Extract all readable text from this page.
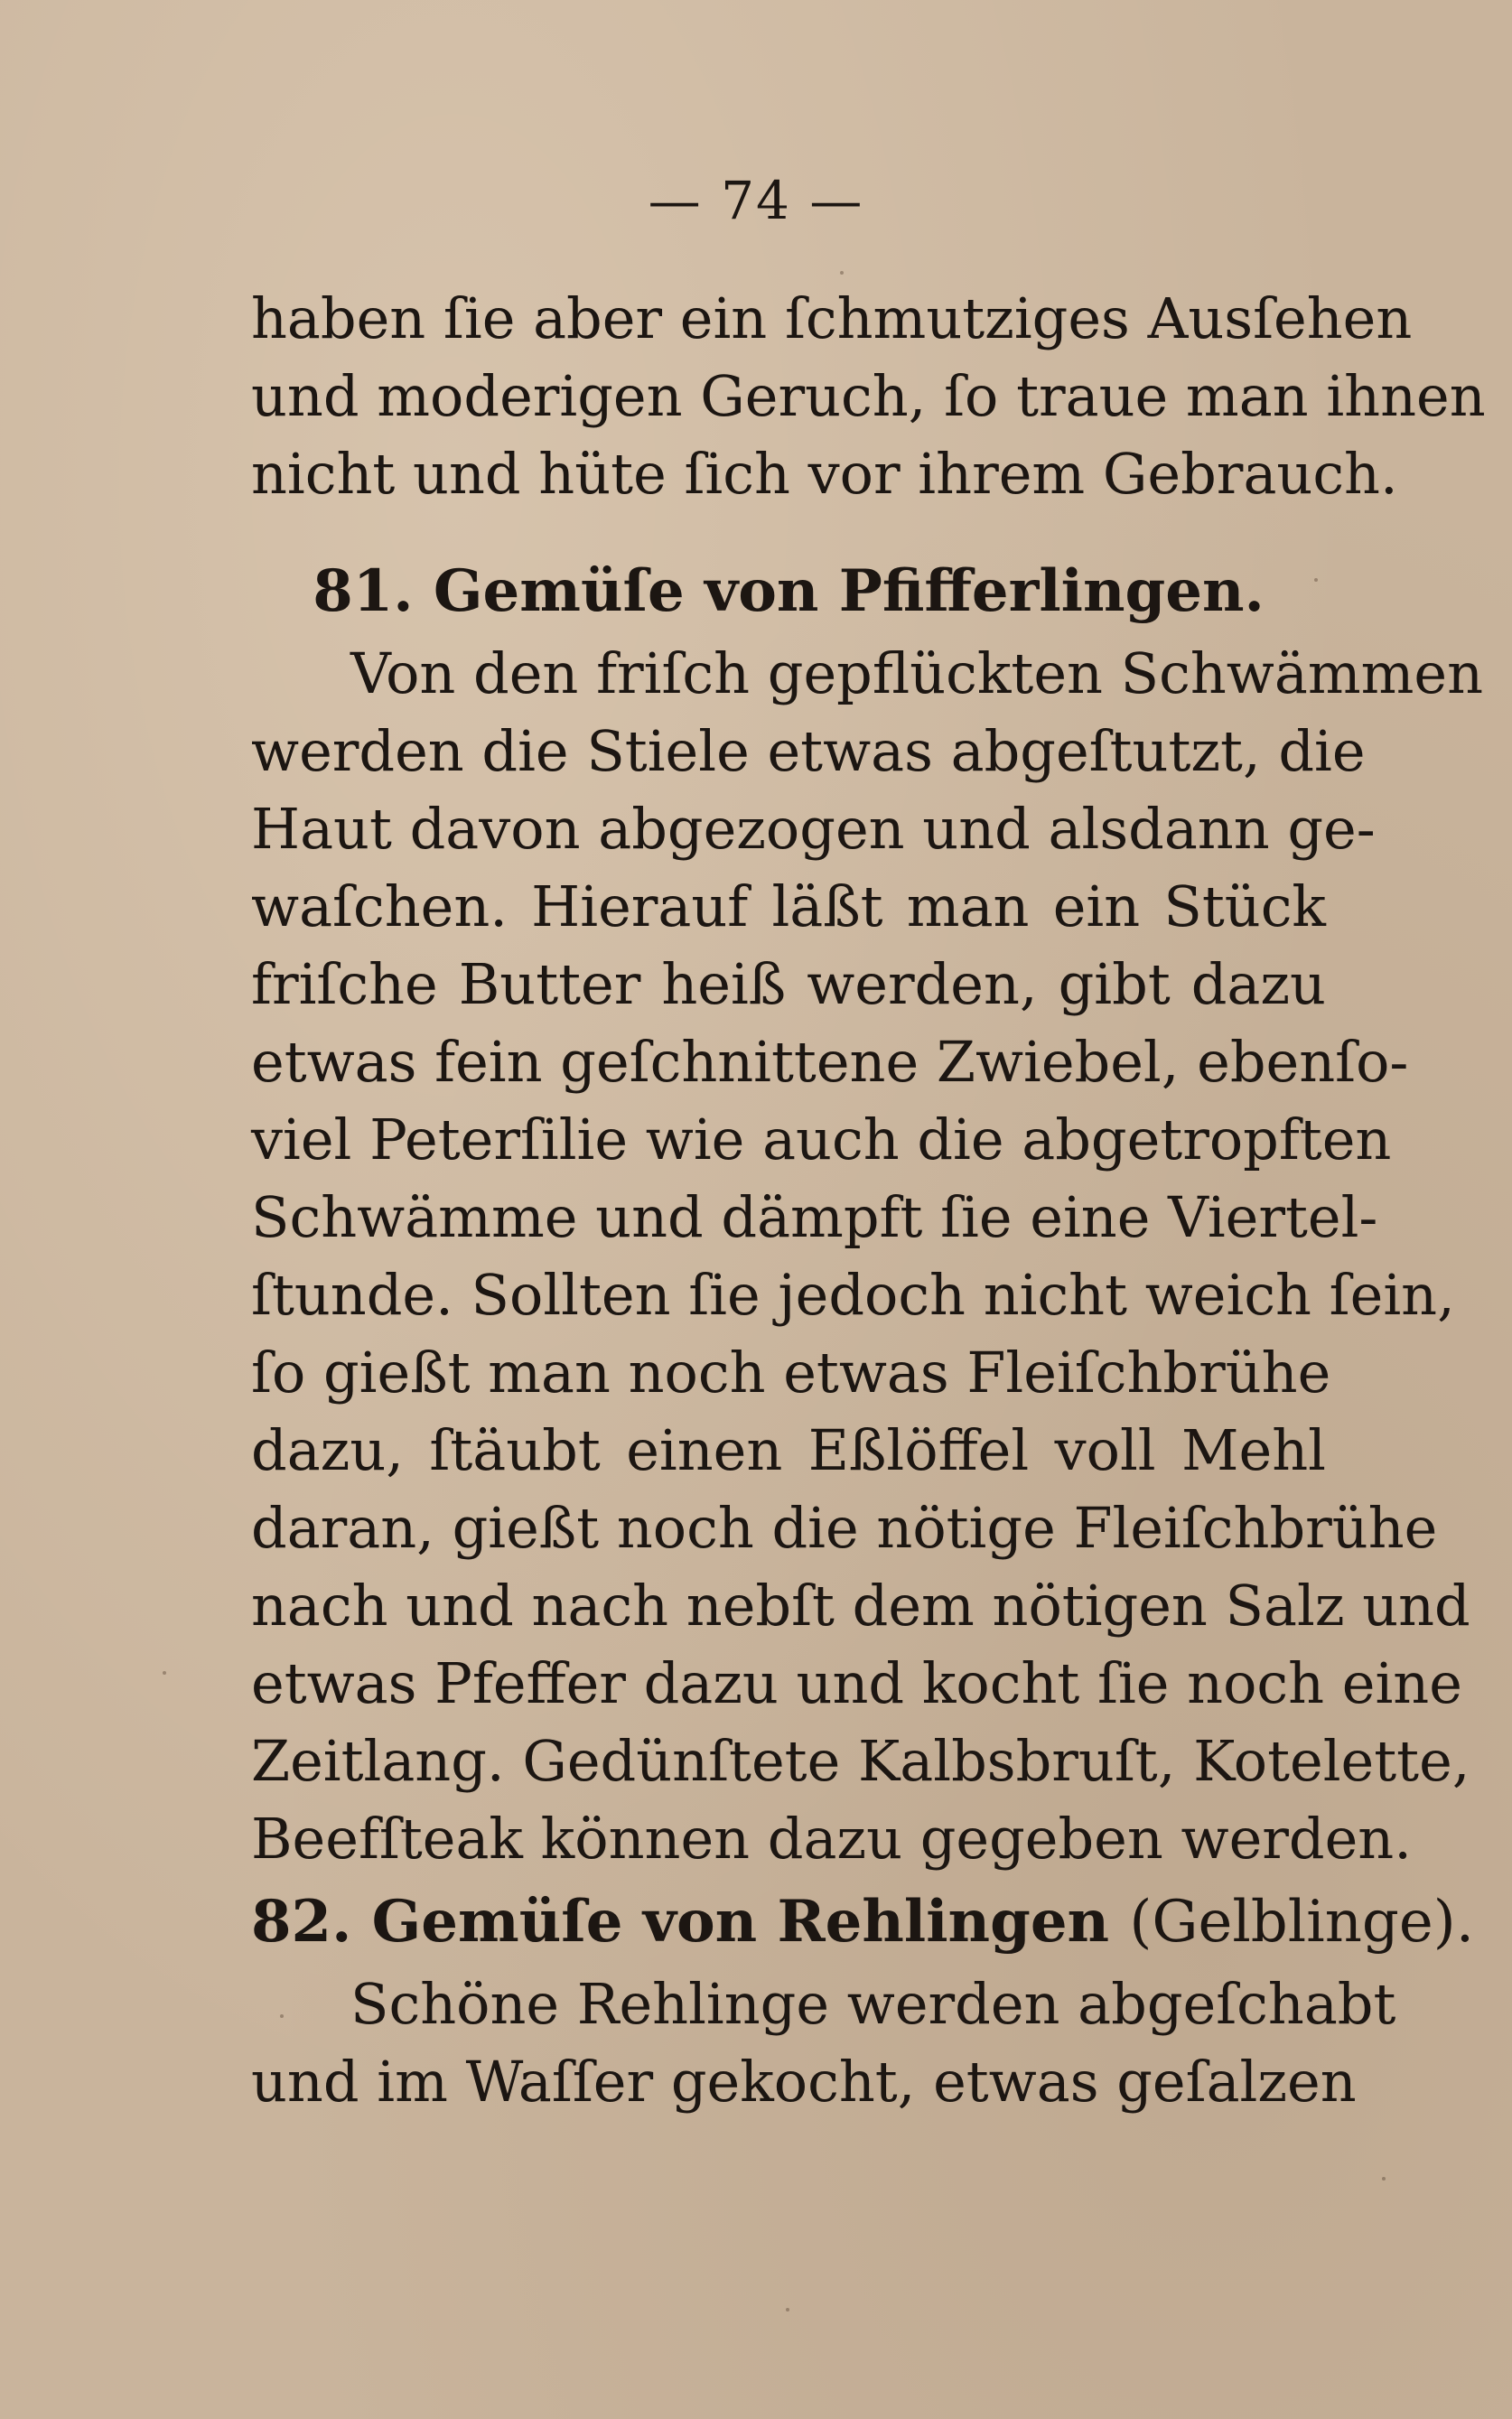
— 74 —
haben ſie aber ein ſchmutziges Ausſehen
und moderigen Geruch, ſo traue man ihnen
nicht und hüte ſich vor ihrem Gebrauch.
81. Gemüſe von Pfifferlingen.
Von den friſch gepflückten Schwämmen
werden die Stiele etwas abgeſtutzt, die
Haut davon abgezogen und alsdann ge-
waſchen. Hierauf läßt man ein Stück
friſche Butter heiß werden, gibt dazu
etwas fein geſchnittene Zwiebel, ebenſo-
viel Peterſilie wie auch die abgetropften
Schwämme und dämpft ſie eine Viertel-
ſtunde. Sollten ſie jedoch nicht weich ſein,
ſo gießt man noch etwas Fleiſchbrühe
dazu, ſtäubt einen Eßlöffel voll Mehl
daran, gießt noch die nötige Fleiſchbrühe
nach und nach nebſt dem nötigen Salz und
etwas Pfeffer dazu und kocht ſie noch eine
Zeitlang. Gedünſtete Kalbsbruſt, Kotelette,
Beefſteak können dazu gegeben werden.
82. Gemüſe von Rehlingen (Gelblinge).
Schöne Rehlinge werden abgeſchabt
und im Waſſer gekocht, etwas geſalzen
